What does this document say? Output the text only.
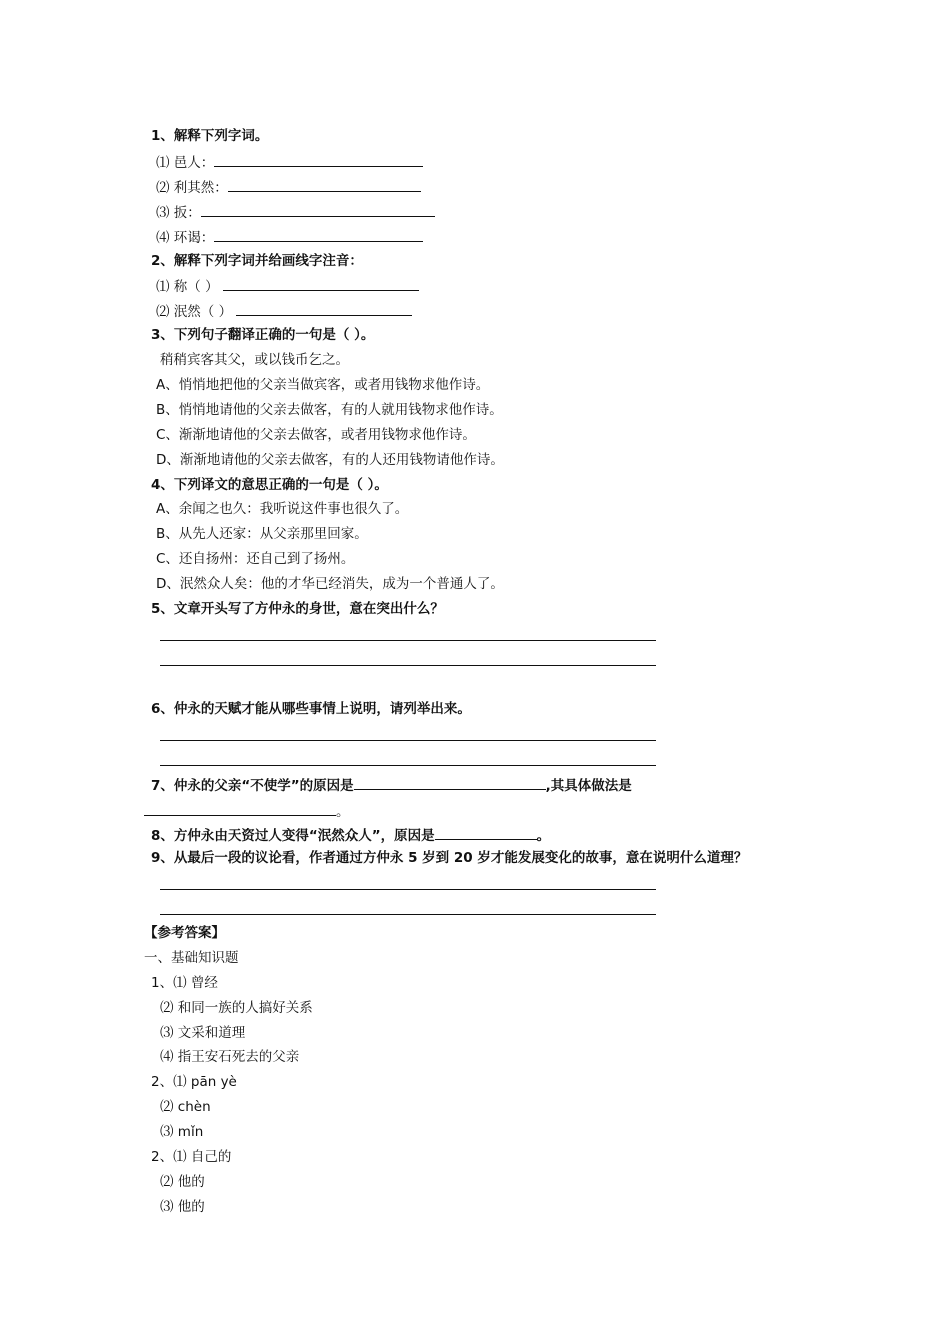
1、解释下列字词。
⑴ 邑人：
⑵ 利其然：
⑶ 扳：
⑷ 环谒：
2、解释下列字词并给画线字注音：
⑴ 称（ ）
⑵ 泯然（ ）
3、下列句子翻译正确的一句是（ ）。
稍稍宾客其父，或以钱币乞之。
A、悄悄地把他的父亲当做宾客，或者用钱物求他作诗。
B、悄悄地请他的父亲去做客，有的人就用钱物求他作诗。
C、渐渐地请他的父亲去做客，或者用钱物求他作诗。
D、渐渐地请他的父亲去做客，有的人还用钱物请他作诗。
4、下列译文的意思正确的一句是（ ）。
A、余闻之也久：我听说这件事也很久了。
B、从先人还家：从父亲那里回家。
C、还自扬州：还自己到了扬州。
D、泯然众人矣：他的才华已经消失，成为一个普通人了。
5、文章开头写了方仲永的身世，意在突出什么？
6、仲永的天赋才能从哪些事情上说明，请列举出来。
7、仲永的父亲“不使学”的原因是	,其具体做法是
。
8、方仲永由天资过人变得“泯然众人”，原因是	。
9、从最后一段的议论看，作者通过方仲永 5 岁到 20 岁才能发展变化的故事，意在说明什么道理？
【参考答案】
一、基础知识题
1、⑴ 曾经
⑵ 和同一族的人搞好关系
⑶ 文采和道理
⑷ 指王安石死去的父亲
2、⑴ pān yè
⑵ chèn
⑶ mǐn
2、⑴ 自己的
⑵ 他的
⑶ 他的
